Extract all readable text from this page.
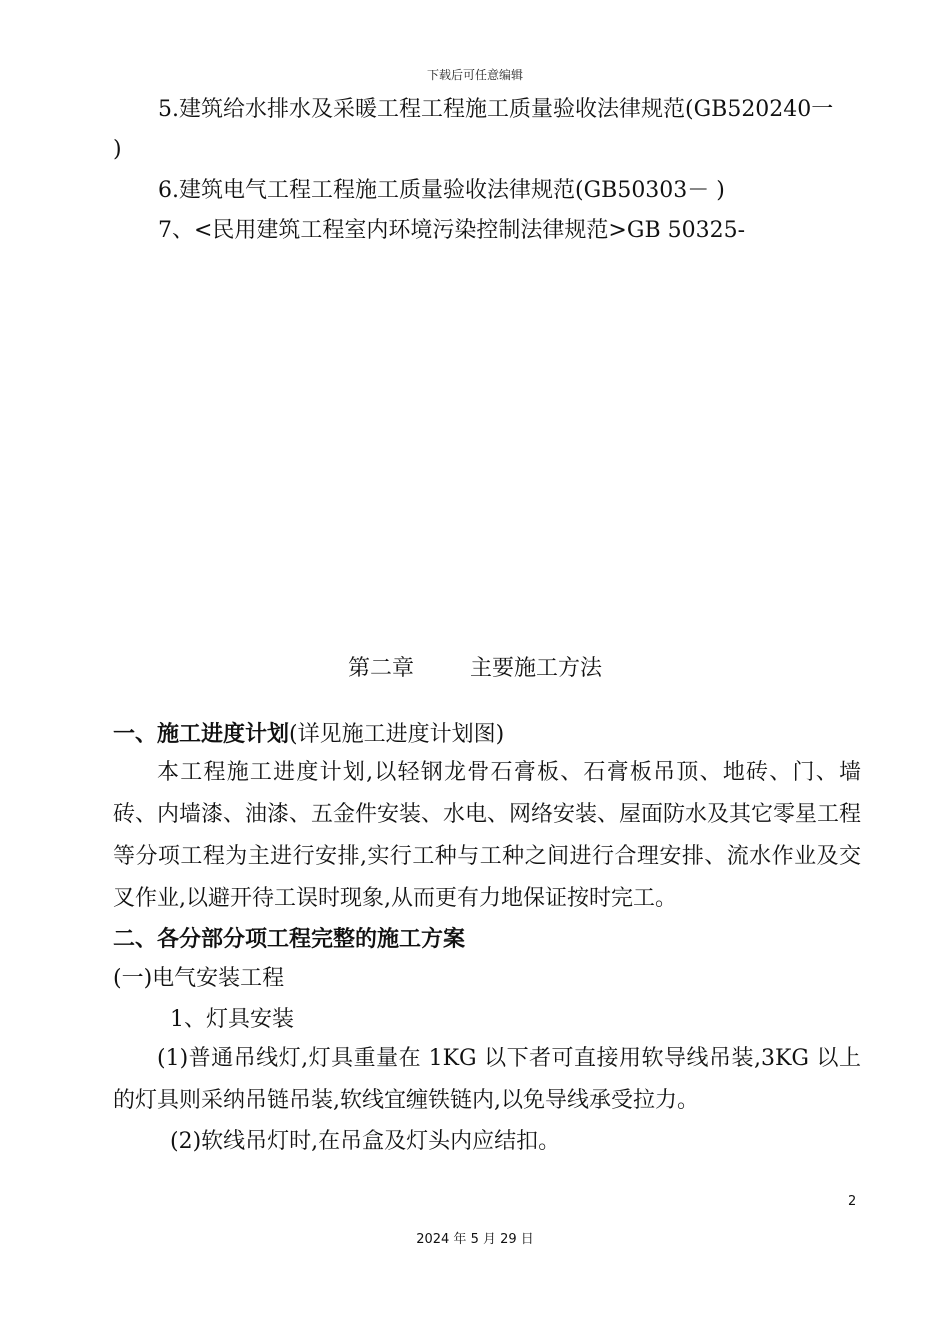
下载后可任意编辑
5.建筑给水排水及采暖工程工程施工质量验收法律规范(GB520240一
)
6.建筑电气工程工程施工质量验收法律规范(GB50303－ )
7、<民用建筑工程室内环境污染控制法律规范>GB 50325-
第二章	主要施工方法
一、施工进度计划(详见施工进度计划图)
本工程施工进度计划,以轻钢龙骨石膏板、石膏板吊顶、地砖、门、墙砖、内墙漆、油漆、五金件安装、水电、网络安装、屋面防水及其它零星工程等分项工程为主进行安排,实行工种与工种之间进行合理安排、流水作业及交叉作业,以避开待工误时现象,从而更有力地保证按时完工。
二、各分部分项工程完整的施工方案
(一)电气安装工程
1、灯具安装
(1)普通吊线灯,灯具重量在 1KG 以下者可直接用软导线吊装,3KG 以上的灯具则采纳吊链吊装,软线宜缠铁链内,以免导线承受拉力。
(2)软线吊灯时,在吊盒及灯头内应结扣。
2
2024 年 5 月 29 日
